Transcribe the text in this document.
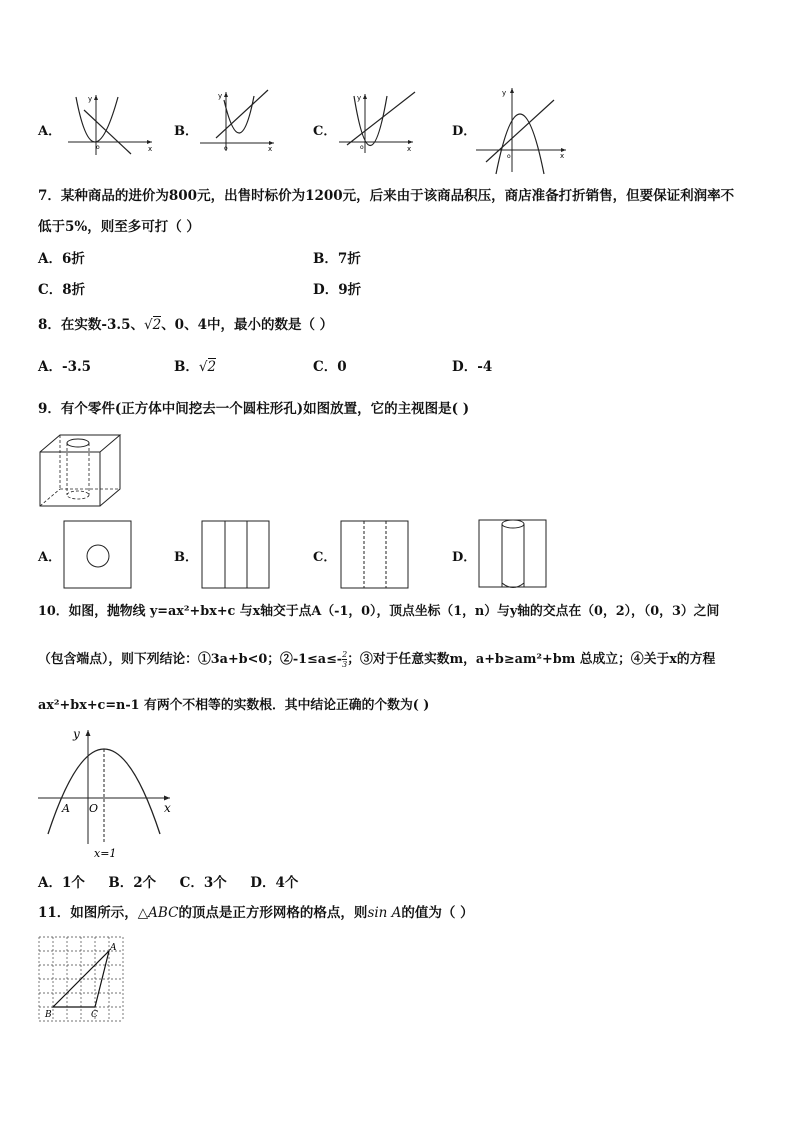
A．
y
x
o
B．
y
x
o
C．
y
x
o
D．
y
x
o
7．某种商品的进价为800元，出售时标价为1200元，后来由于该商品积压，商店准备打折销售，但要保证利润率不
低于5%，则至多可打（ ）
A．6折	B．7折
C．8折	D．9折
8．在实数-3.5、√2、0、4中，最小的数是（ ）
A．-3.5	B．√2	C．0	D．-4
9．有个零件(正方体中间挖去一个圆柱形孔)如图放置，它的主视图是( )
A．	B．	C．	D．
10．如图，抛物线 y=ax²+bx+c 与x轴交于点A（-1，0），顶点坐标（1，n）与y轴的交点在（0，2），（0，3）之间
（包含端点），则下列结论：①3a+b<0；②-1≤a≤- $\frac{2}{3}$ ；③对于任意实数m，a+b≥am²+bm 总成立；④关于x的方程
ax²+bx+c=n-1 有两个不相等的实数根．其中结论正确的个数为( )
y
x
A O
x=1
A．1个     B．2个     C．3个     D．4个
11．如图所示，△ABC的顶点是正方形网格的格点，则sin A的值为（ ）
A
B	C
